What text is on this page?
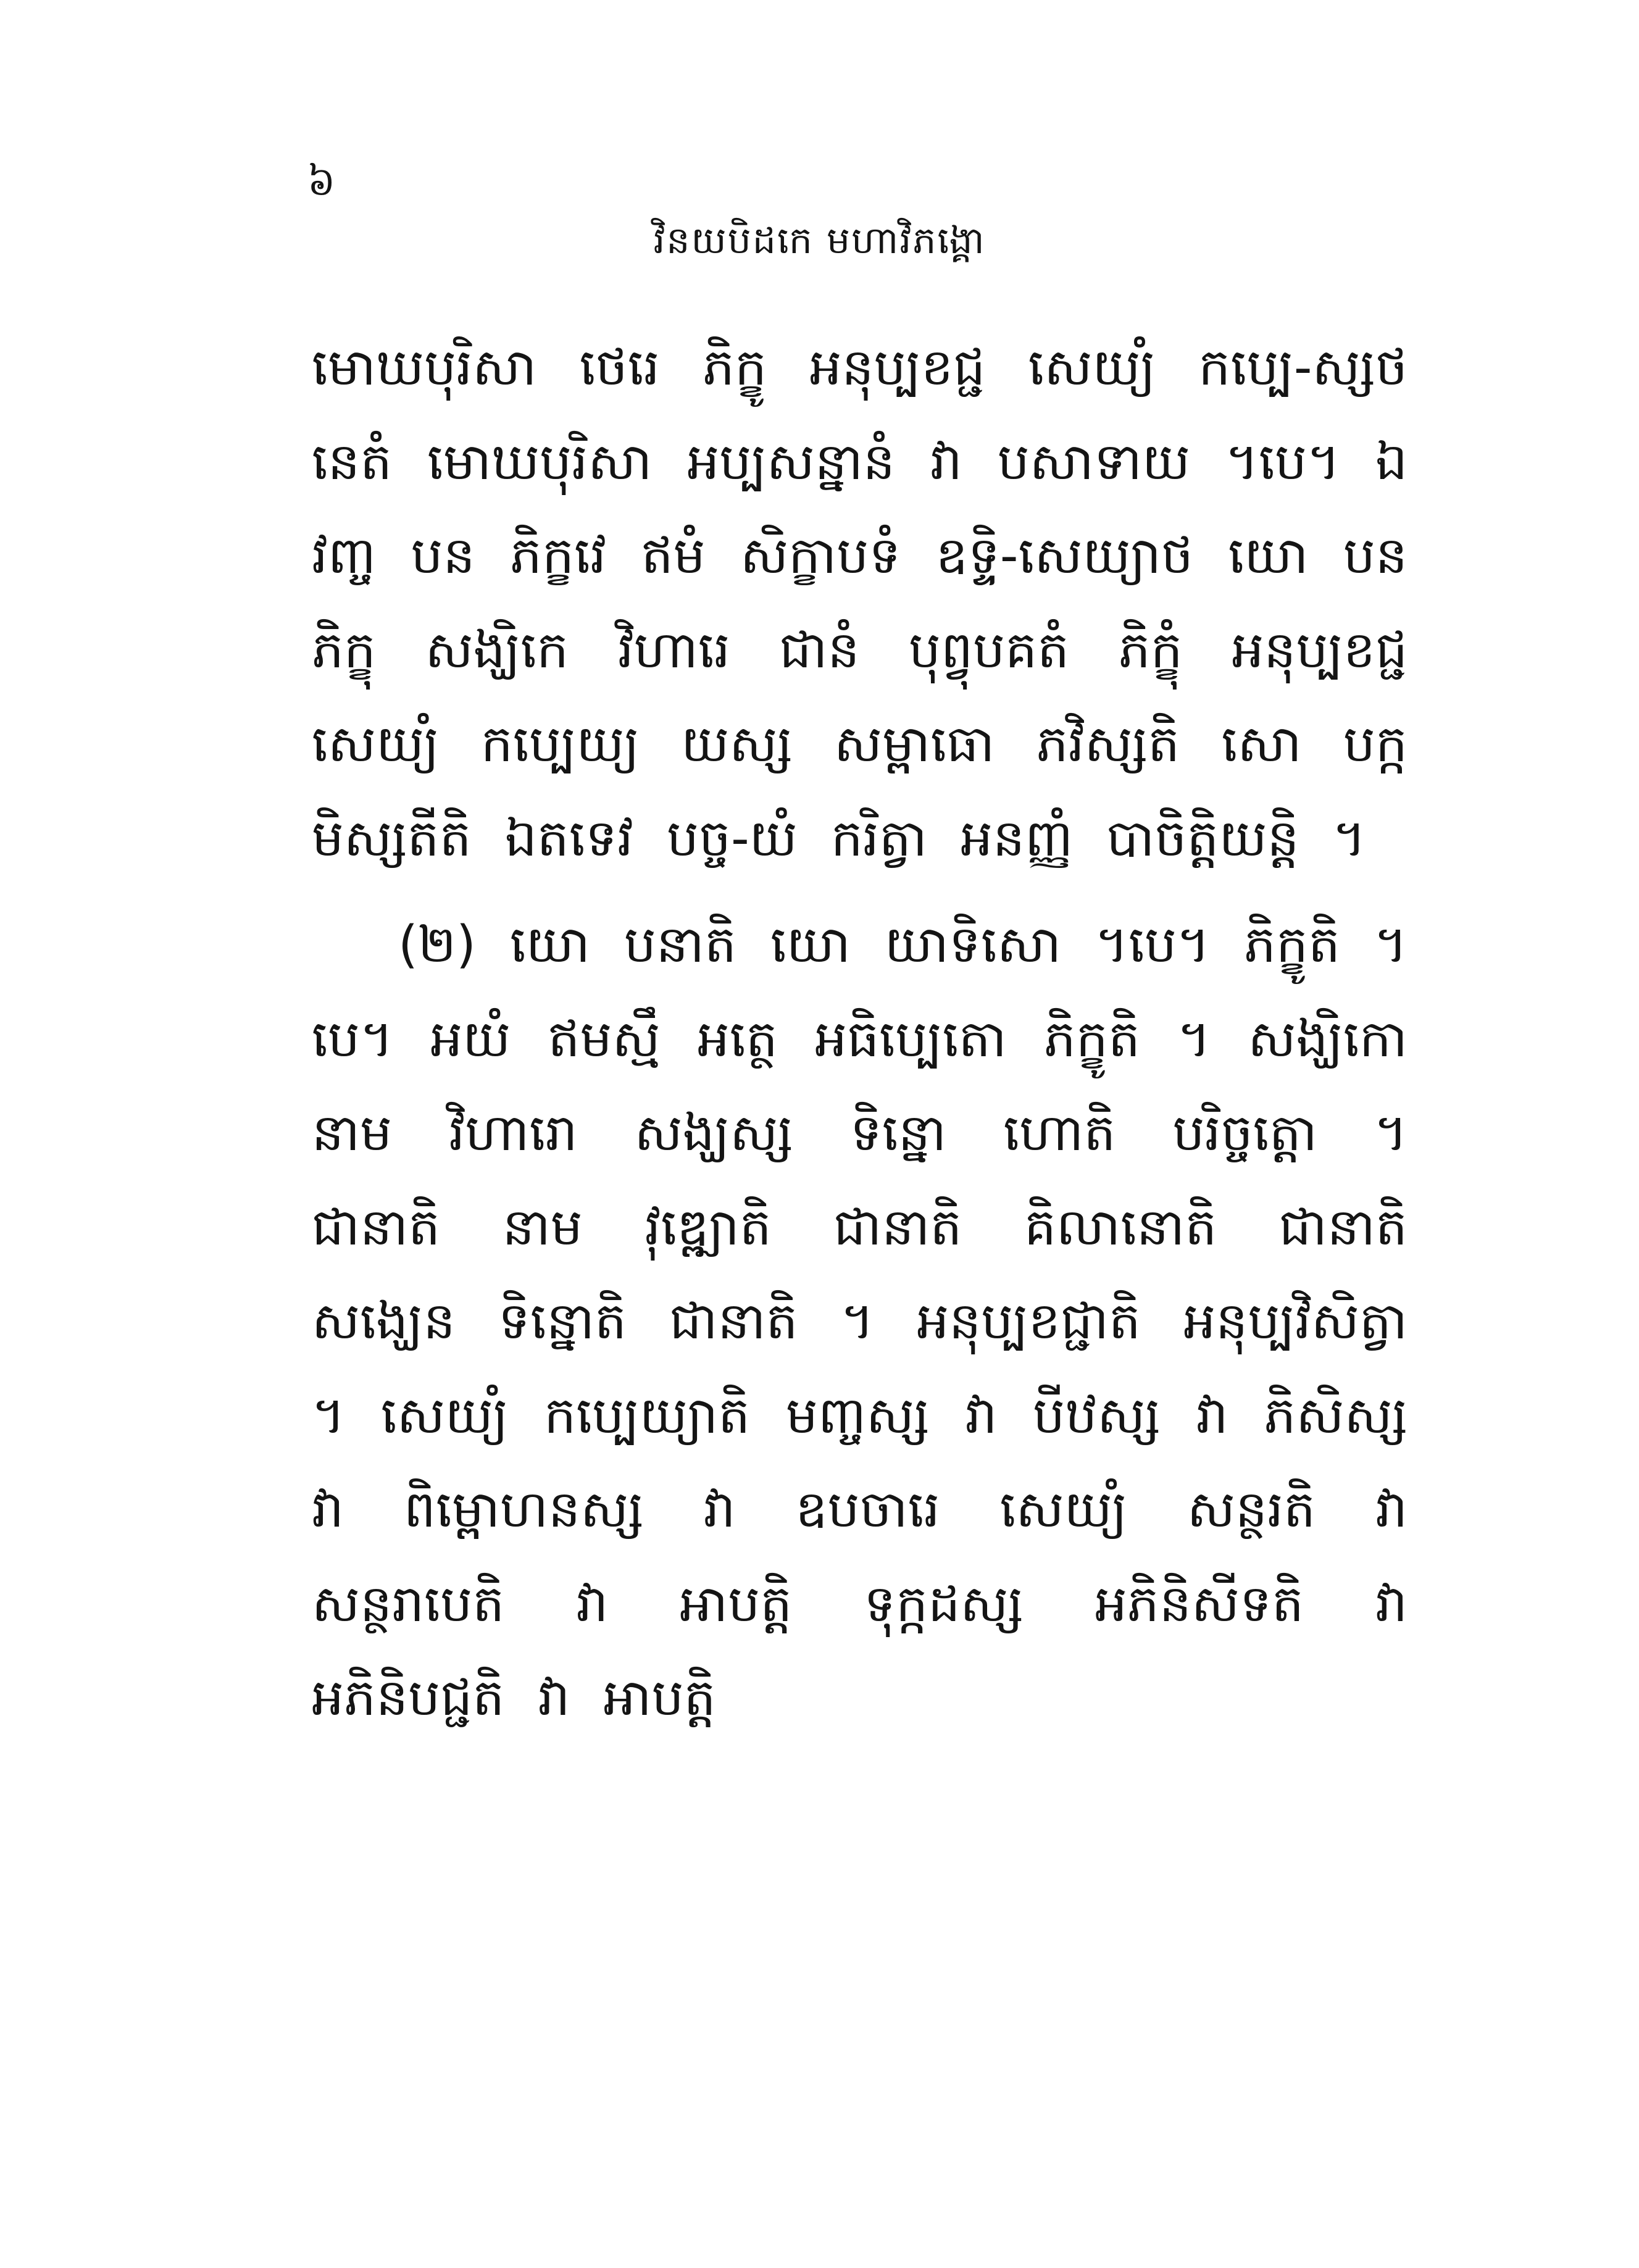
៦
វិនយបិដកេ មហាវិភង្គោ

មោឃបុរិសា ថេរេ ភិក្ខូ អនុប្បខជ្ជ សេយ្យំ កប្បេ-ស្សថ នេតំ មោឃបុរិសា អប្បសន្នានំ វា បសាទាយ ។បេ។ ឯវញ្ច បន ភិក្ខវេ ឥមំ សិក្ខាបទំ ឧទ្ទិ-សេយ្យាថ យោ បន ភិក្ខុ សង្ឃិកេ វិហារេ ជានំ បុព្វុបគតំ ភិក្ខុំ អនុប្បខជ្ជ សេយ្យំ កប្បេយ្យ យស្ស សម្ពាធោ ភវិស្សតិ សោ បក្កមិស្សតីតិ ឯតទេវ បច្ច-យំ ករិត្វា អនញ្ញំ បាចិត្តិយន្តិ ។

(២) យោ បនាតិ យោ យាទិសោ ។បេ។ ភិក្ខូតិ ។បេ។ អយំ ឥមស្មឹ អត្ថេ អធិប្បេតោ ភិក្ខូតិ ។ សង្ឃិកោ នាម វិហារោ សង្ឃស្ស ទិន្នោ ហោតិ បរិច្ចត្តោ ។ ជានាតិ នាម វុឌ្ឍោតិ ជានាតិ គិលានោតិ ជានាតិ សង្ឃេន ទិន្នោតិ ជានាតិ ។ អនុប្បខជ្ជាតិ អនុប្បវិសិត្វា ។ សេយ្យំ កប្បេយ្យាតិ មញ្ចស្ស វា បីឋស្ស វា ភិសិស្ស វា ពិម្ពោហនស្ស វា ឧបចារេ សេយ្យំ សន្ថរតិ វា សន្ថរាបេតិ វា អាបត្តិ ទុក្កដស្ស អភិនិសីទតិ វា អភិនិបជ្ជតិ វា អាបត្តិ
